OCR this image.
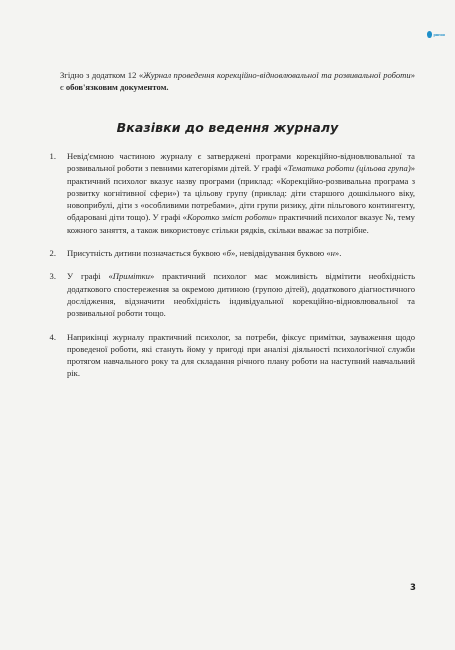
ранок

Згідно з додатком 12 «Журнал проведення корекційно-відновлювальної та розвивальної роботи» є обов'язковим документом.

Вказівки до ведення журналу
1. Невід'ємною частиною журналу є затверджені програми корекційно-відновлювальної та розвивальної роботи з певними категоріями дітей. У графі «Тематика роботи (цільова група)» практичний психолог вказує назву програми (приклад: «Корекційно-розвивальна програма з розвитку когнітивної сфери») та цільову групу (приклад: діти старшого дошкільного віку, новоприбулі, діти з «особливими потребами», діти групи ризику, діти пільгового контингенту, обдаровані діти тощо). У графі «Коротко зміст роботи» практичний психолог вказує №, тему кожного заняття, а також використовує стільки рядків, скільки вважає за потрібне.
2. Присутність дитини позначається буквою «б», невідвідування буквою «н».
3. У графі «Примітки» практичний психолог має можливість відмітити необхідність додаткового спостереження за окремою дитиною (групою дітей), додаткового діагностичного дослідження, відзначити необхідність індивідуальної корекційно-відновлювальної та розвивальної роботи тощо.
4. Наприкінці журналу практичний психолог, за потреби, фіксує примітки, зауваження щодо проведеної роботи, які стануть йому у пригоді при аналізі діяльності психологічної служби протягом навчального року та для складання річного плану роботи на наступний навчальний рік.
3
